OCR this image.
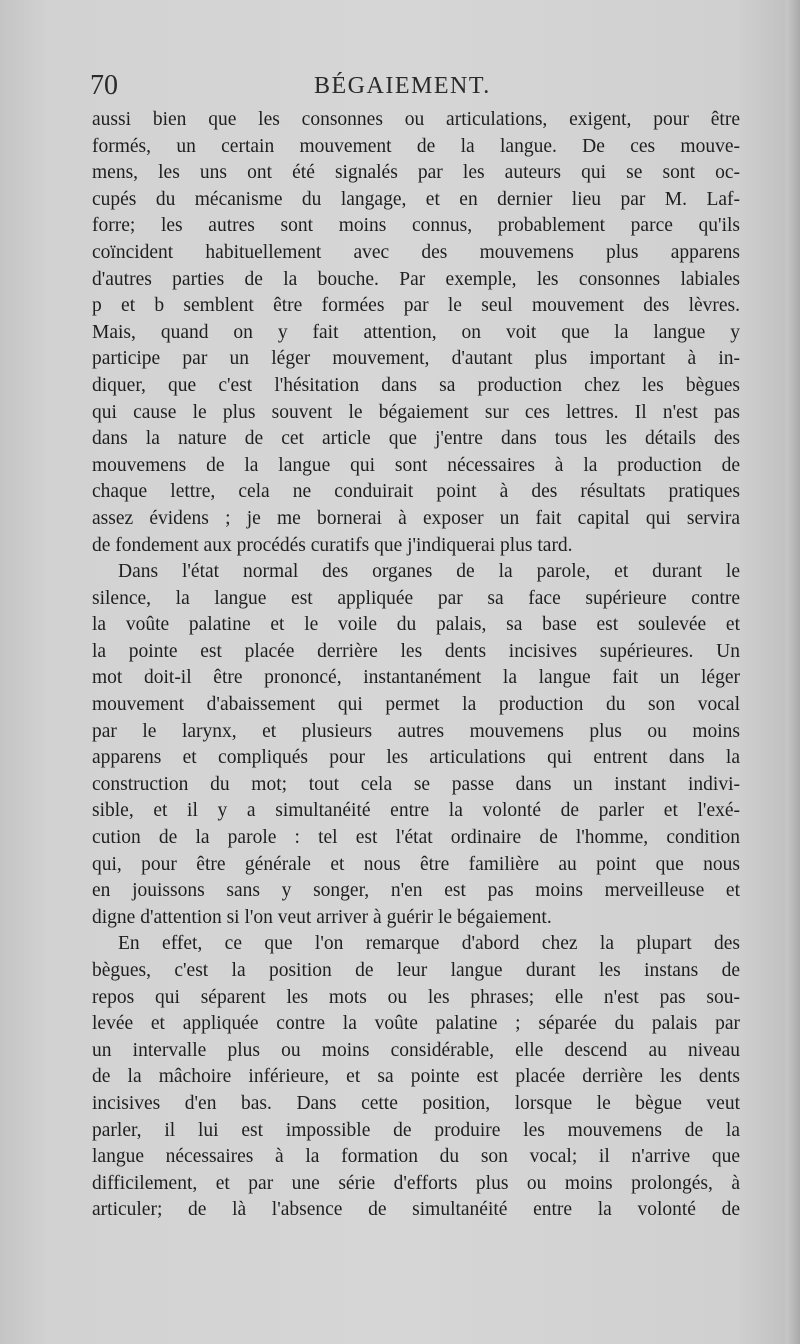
70	BÉGAIEMENT.
aussi bien que les consonnes ou articulations, exigent, pour être
formés, un certain mouvement de la langue. De ces mouve-
mens, les uns ont été signalés par les auteurs qui se sont oc-
cupés du mécanisme du langage, et en dernier lieu par M. Laf-
forre; les autres sont moins connus, probablement parce qu'ils
coïncident habituellement avec des mouvemens plus apparens
d'autres parties de la bouche. Par exemple, les consonnes labiales
p et b semblent être formées par le seul mouvement des lèvres.
Mais, quand on y fait attention, on voit que la langue y
participe par un léger mouvement, d'autant plus important à in-
diquer, que c'est l'hésitation dans sa production chez les bègues
qui cause le plus souvent le bégaiement sur ces lettres. Il n'est pas
dans la nature de cet article que j'entre dans tous les détails des
mouvemens de la langue qui sont nécessaires à la production de
chaque lettre, cela ne conduirait point à des résultats pratiques
assez évidens ; je me bornerai à exposer un fait capital qui servira
de fondement aux procédés curatifs que j'indiquerai plus tard.
Dans l'état normal des organes de la parole, et durant le
silence, la langue est appliquée par sa face supérieure contre
la voûte palatine et le voile du palais, sa base est soulevée et
la pointe est placée derrière les dents incisives supérieures. Un
mot doit-il être prononcé, instantanément la langue fait un léger
mouvement d'abaissement qui permet la production du son vocal
par le larynx, et plusieurs autres mouvemens plus ou moins
apparens et compliqués pour les articulations qui entrent dans la
construction du mot; tout cela se passe dans un instant indivi-
sible, et il y a simultanéité entre la volonté de parler et l'exé-
cution de la parole : tel est l'état ordinaire de l'homme, condition
qui, pour être générale et nous être familière au point que nous
en jouissons sans y songer, n'en est pas moins merveilleuse et
digne d'attention si l'on veut arriver à guérir le bégaiement.
En effet, ce que l'on remarque d'abord chez la plupart des
bègues, c'est la position de leur langue durant les instans de
repos qui séparent les mots ou les phrases; elle n'est pas sou-
levée et appliquée contre la voûte palatine ; séparée du palais par
un intervalle plus ou moins considérable, elle descend au niveau
de la mâchoire inférieure, et sa pointe est placée derrière les dents
incisives d'en bas. Dans cette position, lorsque le bègue veut
parler, il lui est impossible de produire les mouvemens de la
langue nécessaires à la formation du son vocal; il n'arrive que
difficilement, et par une série d'efforts plus ou moins prolongés, à
articuler; de là l'absence de simultanéité entre la volonté de
